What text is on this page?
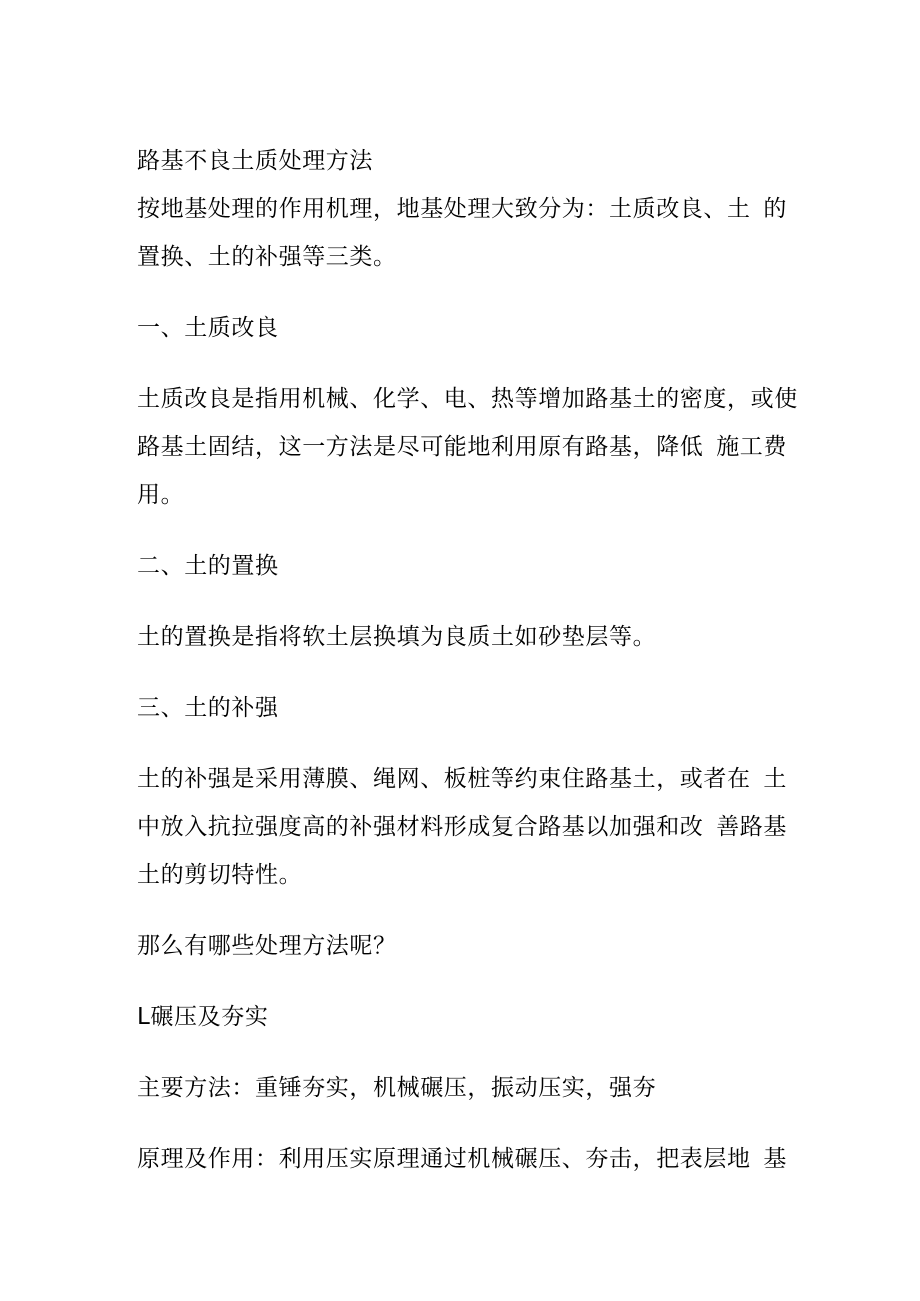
路基不良土质处理方法
按地基处理的作用机理，地基处理大致分为：土质改良、土 的
置换、土的补强等三类。
一、土质改良
土质改良是指用机械、化学、电、热等增加路基土的密度， 或使
路基土固结，这一方法是尽可能地利用原有路基，降低 施工费
用。
二、土的置换
土的置换是指将软土层换填为良质土如砂垫层等。
三、土的补强
土的补强是采用薄膜、绳网、板桩等约束住路基土，或者在 土
中放入抗拉强度高的补强材料形成复合路基以加强和改 善路基
土的剪切特性。
那么有哪些处理方法呢？
L碾压及夯实
主要方法：重锤夯实，机械碾压，振动压实，强夯
原理及作用：利用压实原理通过机械碾压、夯击，把表层地 基
